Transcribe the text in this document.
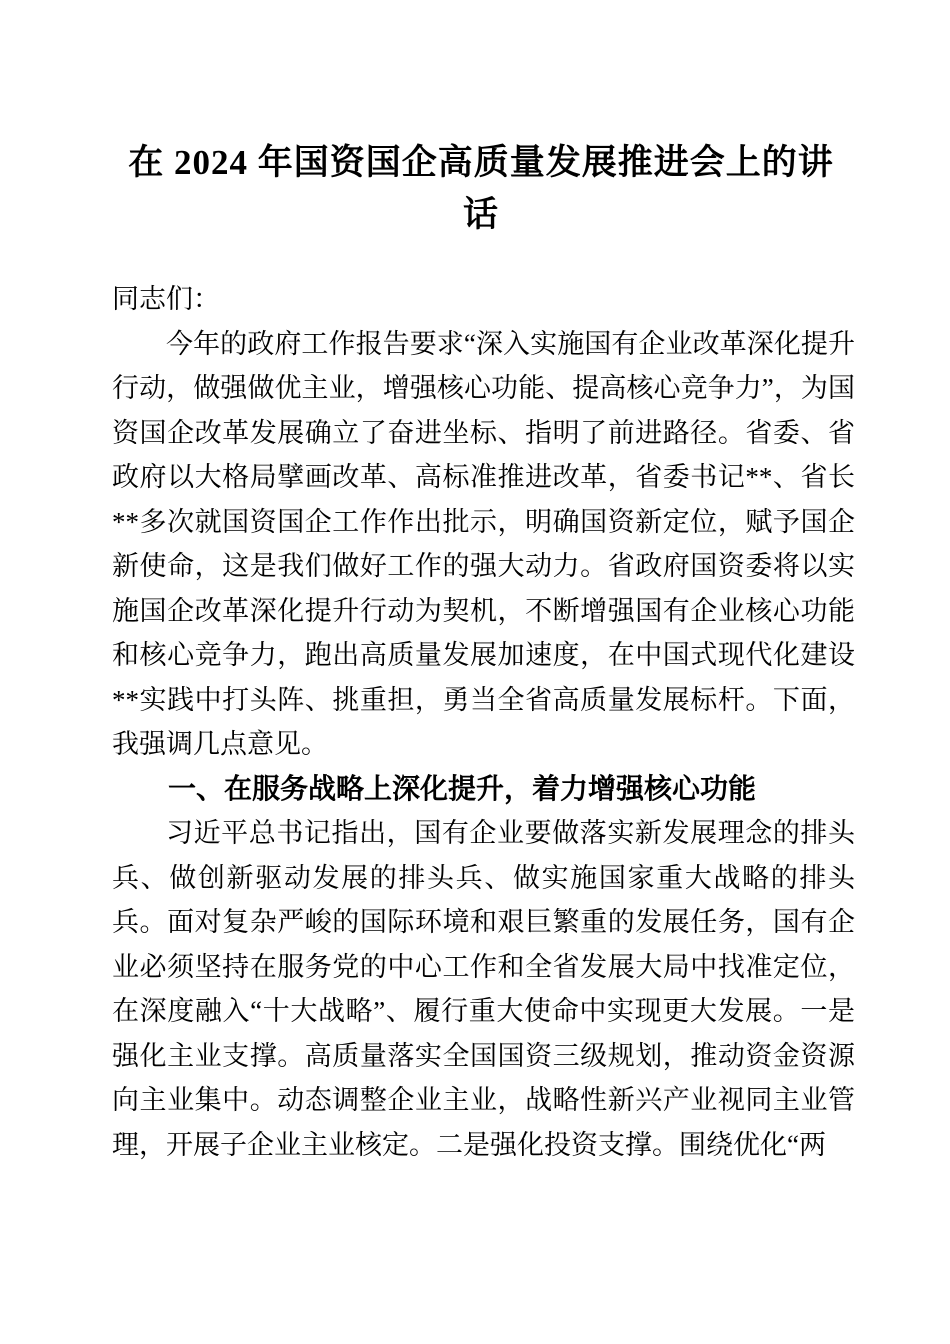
在 2024 年国资国企高质量发展推进会上的讲
话

同志们：

今年的政府工作报告要求“深入实施国有企业改革深化提升行动，做强做优主业，增强核心功能、提高核心竞争力”，为国资国企改革发展确立了奋进坐标、指明了前进路径。省委、省政府以大格局擘画改革、高标准推进改革，省委书记**、省长**多次就国资国企工作作出批示，明确国资新定位，赋予国企新使命，这是我们做好工作的强大动力。省政府国资委将以实施国企改革深化提升行动为契机，不断增强国有企业核心功能和核心竞争力，跑出高质量发展加速度，在中国式现代化建设**实践中打头阵、挑重担，勇当全省高质量发展标杆。下面，我强调几点意见。

一、在服务战略上深化提升，着力增强核心功能

习近平总书记指出，国有企业要做落实新发展理念的排头兵、做创新驱动发展的排头兵、做实施国家重大战略的排头兵。面对复杂严峻的国际环境和艰巨繁重的发展任务，国有企业必须坚持在服务党的中心工作和全省发展大局中找准定位，在深度融入“十大战略”、履行重大使命中实现更大发展。一是强化主业支撑。高质量落实全国国资三级规划，推动资金资源向主业集中。动态调整企业主业，战略性新兴产业视同主业管理，开展子企业主业核定。二是强化投资支撑。围绕优化“两
